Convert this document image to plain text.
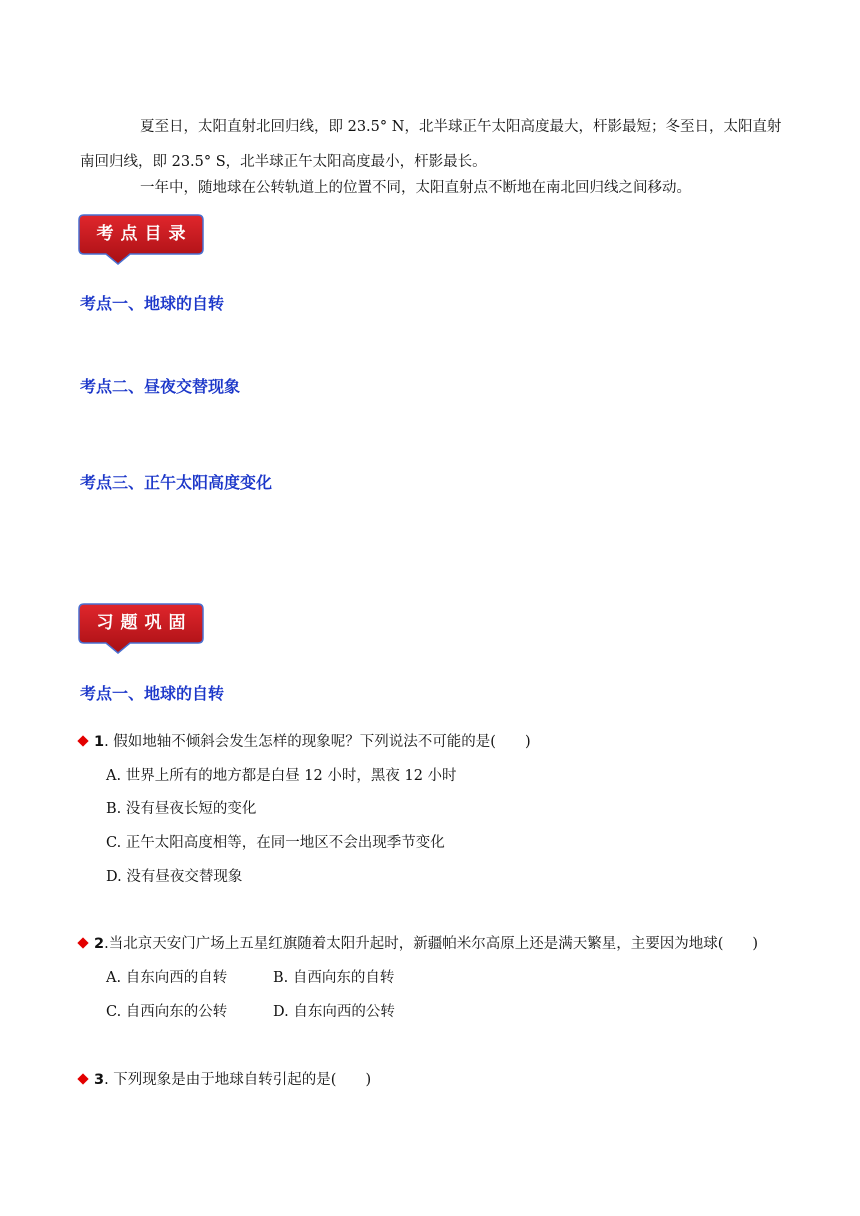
夏至日，太阳直射北回归线，即 23.5° N，北半球正午太阳高度最大，杆影最短；冬至日，太阳直射南回归线，即 23.5° S，北半球正午太阳高度最小，杆影最长。

一年中，随地球在公转轨道上的位置不同，太阳直射点不断地在南北回归线之间移动。

考点目录
考点一、地球的自转
考点二、昼夜交替现象
考点三、正午太阳高度变化
习题巩固
考点一、地球的自转

1. 假如地轴不倾斜会发生怎样的现象呢？下列说法不可能的是(　　)

A. 世界上所有的地方都是白昼 12 小时，黑夜 12 小时

B. 没有昼夜长短的变化

C. 正午太阳高度相等，在同一地区不会出现季节变化

D. 没有昼夜交替现象

2.当北京天安门广场上五星红旗随着太阳升起时，新疆帕米尔高原上还是满天繁星，主要因为地球(　　)

A. 自东向西的自转	B. 自西向东的自转

C. 自西向东的公转	D. 自东向西的公转

3. 下列现象是由于地球自转引起的是(　　)
